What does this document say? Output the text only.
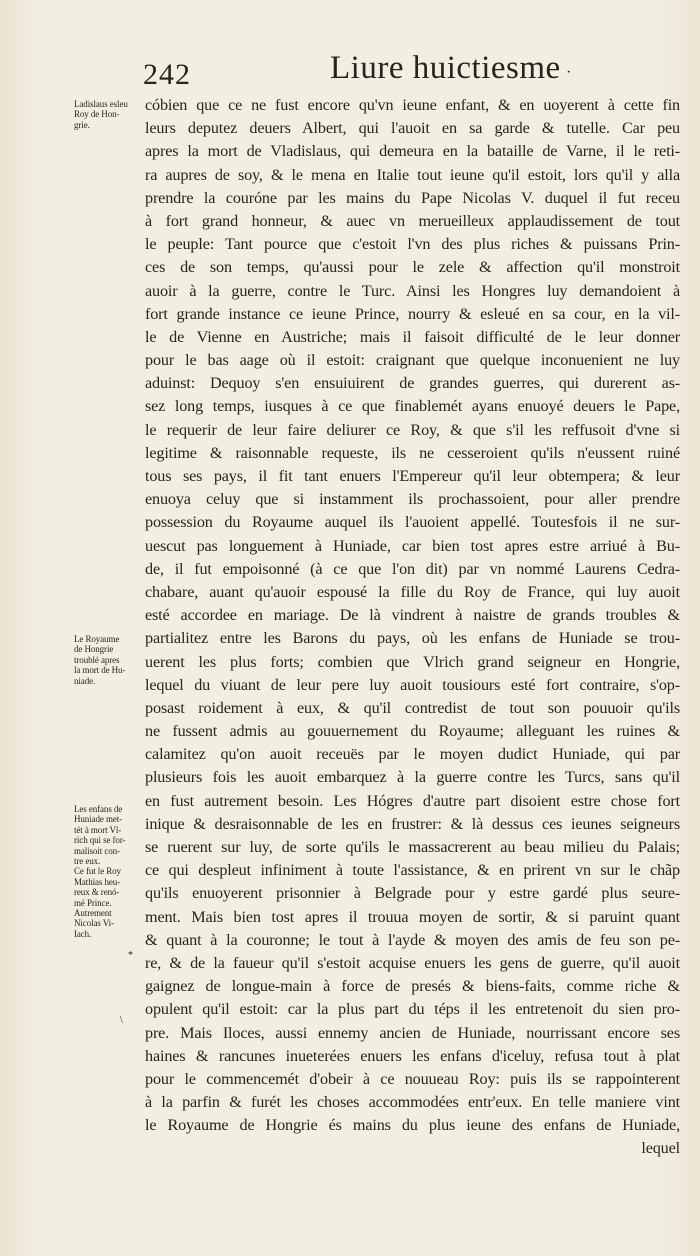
242	Liure huictiesme ·
Ladislaus esleu
Roy de Hon-
grie.
Le Royaume
de Hongrie
troublé apres
la mort de Hu-
niade.
Les enfans de
Huniade met-
tét à mort Vl-
rich qui se for-
malisoit con-
tre eux.
Ce fut le Roy
Mathias heu-
reux & renó-
mé Prince.
Autrement
Nicolas Vi-
Iach.
*
\
cóbien que ce ne fust encore qu'vn ieune enfant, & en uoyerent à cette fin
leurs deputez deuers Albert, qui l'auoit en sa garde & tutelle. Car peu
apres la mort de Vladislaus, qui demeura en la bataille de Varne, il le reti-
ra aupres de soy, & le mena en Italie tout ieune qu'il estoit, lors qu'il y alla
prendre la couróne par les mains du Pape Nicolas V. duquel il fut receu
à fort grand honneur, & auec vn merueilleux applaudissement de tout
le peuple: Tant pource que c'estoit l'vn des plus riches & puissans Prin-
ces de son temps, qu'aussi pour le zele & affection qu'il monstroit
auoir à la guerre, contre le Turc. Ainsi les Hongres luy demandoient à
fort grande instance ce ieune Prince, nourry & esleué en sa cour, en la vil-
le de Vienne en Austriche; mais il faisoit difficulté de le leur donner
pour le bas aage où il estoit: craignant que quelque inconuenient ne luy
aduinst: Dequoy s'en ensuiuirent de grandes guerres, qui durerent as-
sez long temps, iusques à ce que finablemét ayans enuoyé deuers le Pape,
le requerir de leur faire deliurer ce Roy, & que s'il les reffusoit d'vne si
legitime & raisonnable requeste, ils ne cesseroient qu'ils n'eussent ruiné
tous ses pays, il fit tant enuers l'Empereur qu'il leur obtempera; & leur
enuoya celuy que si instamment ils prochassoient, pour aller prendre
possession du Royaume auquel ils l'auoient appellé. Toutesfois il ne sur-
uescut pas longuement à Huniade, car bien tost apres estre arriué à Bu-
de, il fut empoisonné (à ce que l'on dit) par vn nommé Laurens Cedra-
chabare, auant qu'auoir espousé la fille du Roy de France, qui luy auoit
esté accordee en mariage. De là vindrent à naistre de grands troubles &
partialitez entre les Barons du pays, où les enfans de Huniade se trou-
uerent les plus forts; combien que Vlrich grand seigneur en Hongrie,
lequel du viuant de leur pere luy auoit tousiours esté fort contraire, s'op-
posast roidement à eux, & qu'il contredist de tout son pouuoir qu'ils
ne fussent admis au gouuernement du Royaume; alleguant les ruines &
calamitez qu'on auoit receuës par le moyen dudict Huniade, qui par
plusieurs fois les auoit embarquez à la guerre contre les Turcs, sans qu'il
en fust autrement besoin. Les Hógres d'autre part disoient estre chose fort
inique & desraisonnable de les en frustrer: & là dessus ces ieunes seigneurs
se ruerent sur luy, de sorte qu'ils le massacrerent au beau milieu du Palais;
ce qui despleut infiniment à toute l'assistance, & en prirent vn sur le chãp
qu'ils enuoyerent prisonnier à Belgrade pour y estre gardé plus seure-
ment. Mais bien tost apres il trouua moyen de sortir, & si paruint quant
& quant à la couronne; le tout à l'ayde & moyen des amis de feu son pe-
re, & de la faueur qu'il s'estoit acquise enuers les gens de guerre, qu'il auoit
gaignez de longue-main à force de presés & biens-faits, comme riche &
opulent qu'il estoit: car la plus part du téps il les entretenoit du sien pro-
pre. Mais Iloces, aussi ennemy ancien de Huniade, nourrissant encore ses
haines & rancunes inueterées enuers les enfans d'iceluy, refusa tout à plat
pour le commencemét d'obeir à ce nouueau Roy: puis ils se rappointerent
à la parfin & furét les choses accommodées entr'eux. En telle maniere vint
le Royaume de Hongrie és mains du plus ieune des enfans de Huniade,
lequel
